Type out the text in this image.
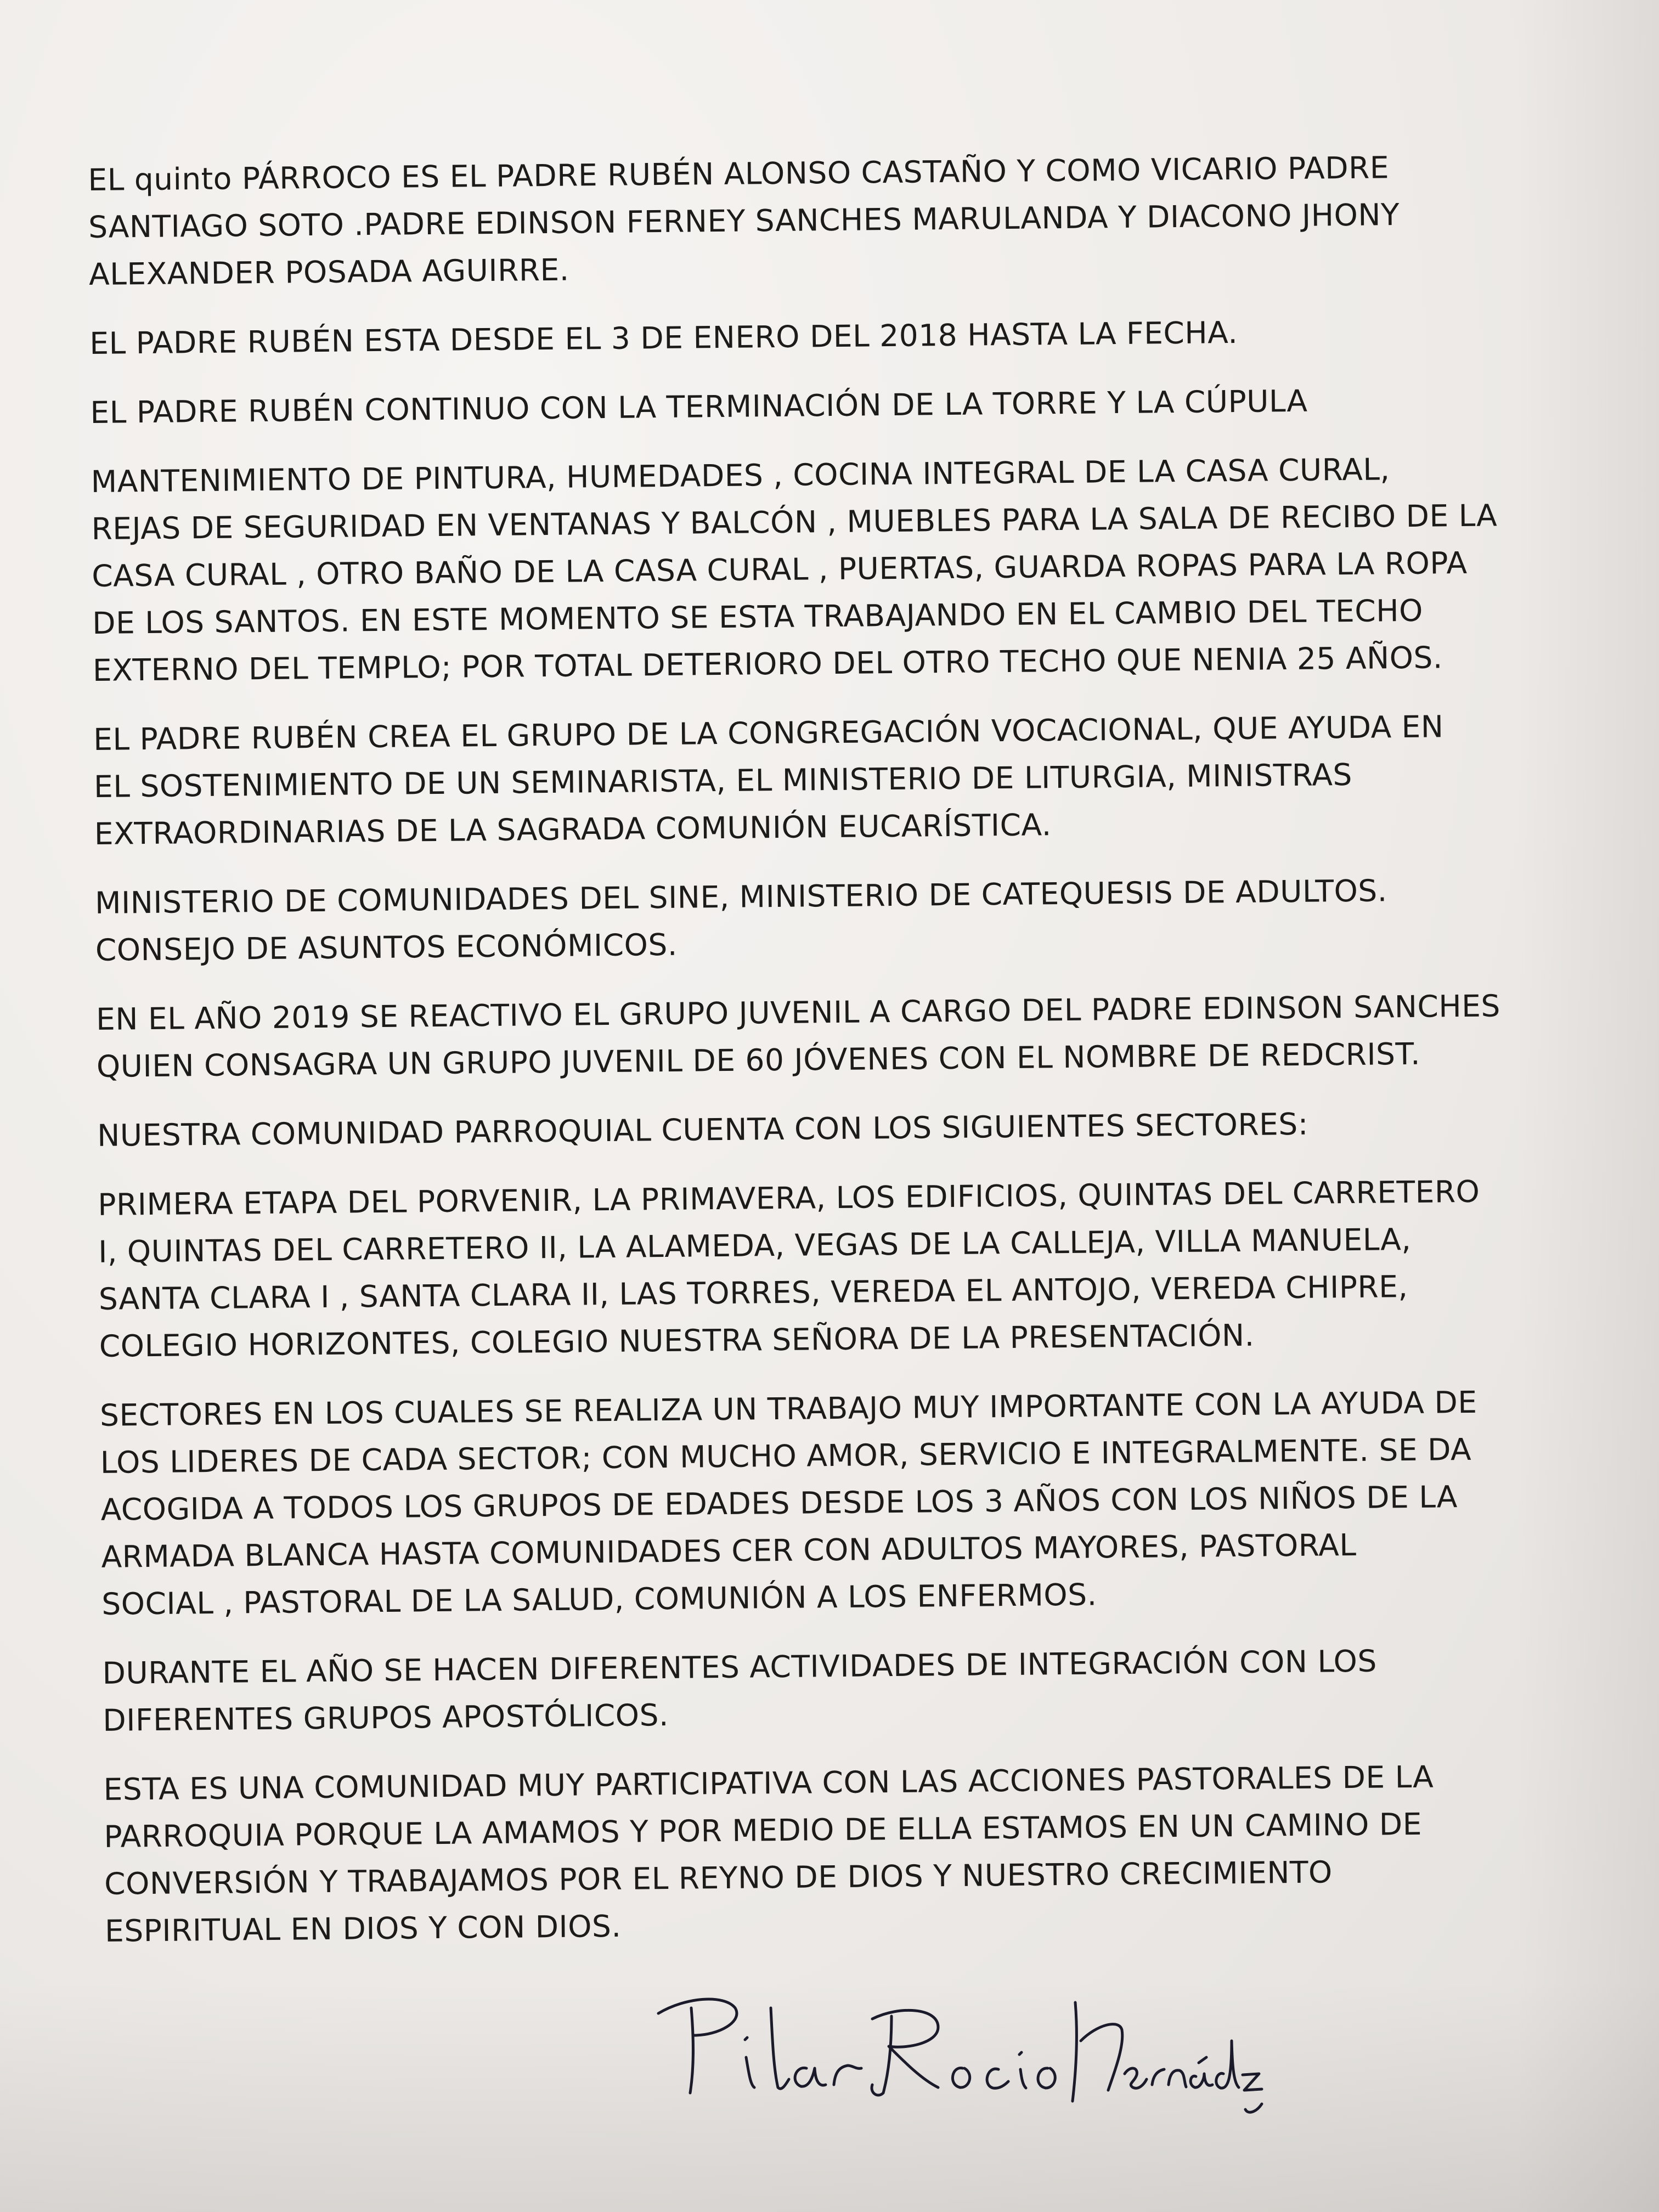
EL quinto PÁRROCO ES EL PADRE RUBÉN ALONSO CASTAÑO Y COMO VICARIO PADRE
SANTIAGO SOTO .PADRE EDINSON FERNEY SANCHES MARULANDA Y DIACONO JHONY
ALEXANDER POSADA AGUIRRE.

EL PADRE RUBÉN ESTA DESDE EL 3 DE ENERO DEL 2018 HASTA LA FECHA.

EL PADRE RUBÉN CONTINUO CON LA TERMINACIÓN DE LA TORRE Y LA CÚPULA

MANTENIMIENTO DE PINTURA, HUMEDADES , COCINA INTEGRAL DE LA CASA CURAL,
REJAS DE SEGURIDAD EN VENTANAS Y BALCÓN , MUEBLES PARA LA SALA DE RECIBO DE LA
CASA CURAL , OTRO BAÑO DE LA CASA CURAL , PUERTAS, GUARDA ROPAS PARA LA ROPA
DE LOS SANTOS. EN ESTE MOMENTO SE ESTA TRABAJANDO EN EL CAMBIO DEL TECHO
EXTERNO DEL TEMPLO; POR TOTAL DETERIORO DEL OTRO TECHO QUE NENIA 25 AÑOS.

EL PADRE RUBÉN CREA EL GRUPO DE LA CONGREGACIÓN VOCACIONAL, QUE AYUDA EN
EL SOSTENIMIENTO DE UN SEMINARISTA, EL MINISTERIO DE LITURGIA, MINISTRAS
EXTRAORDINARIAS DE LA SAGRADA COMUNIÓN EUCARÍSTICA.

MINISTERIO DE COMUNIDADES DEL SINE, MINISTERIO DE CATEQUESIS DE ADULTOS.
CONSEJO DE ASUNTOS ECONÓMICOS.

EN EL AÑO 2019 SE REACTIVO EL GRUPO JUVENIL A CARGO DEL PADRE EDINSON SANCHES
QUIEN CONSAGRA UN GRUPO JUVENIL DE 60 JÓVENES CON EL NOMBRE DE REDCRIST.

NUESTRA COMUNIDAD PARROQUIAL CUENTA CON LOS SIGUIENTES SECTORES:

PRIMERA ETAPA DEL PORVENIR, LA PRIMAVERA, LOS EDIFICIOS, QUINTAS DEL CARRETERO
I, QUINTAS DEL CARRETERO II, LA ALAMEDA, VEGAS DE LA CALLEJA, VILLA MANUELA,
SANTA CLARA I , SANTA CLARA II, LAS TORRES, VEREDA EL ANTOJO, VEREDA CHIPRE,
COLEGIO HORIZONTES, COLEGIO NUESTRA SEÑORA DE LA PRESENTACIÓN.

SECTORES EN LOS CUALES SE REALIZA UN TRABAJO MUY IMPORTANTE CON LA AYUDA DE
LOS LIDERES DE CADA SECTOR; CON MUCHO AMOR, SERVICIO E INTEGRALMENTE. SE DA
ACOGIDA A TODOS LOS GRUPOS DE EDADES DESDE LOS 3 AÑOS CON LOS NIÑOS DE LA
ARMADA BLANCA HASTA COMUNIDADES CER CON ADULTOS MAYORES, PASTORAL
SOCIAL , PASTORAL DE LA SALUD, COMUNIÓN A LOS ENFERMOS.

DURANTE EL AÑO SE HACEN DIFERENTES ACTIVIDADES DE INTEGRACIÓN CON LOS
DIFERENTES GRUPOS APOSTÓLICOS.

ESTA ES UNA COMUNIDAD MUY PARTICIPATIVA CON LAS ACCIONES PASTORALES DE LA
PARROQUIA PORQUE LA AMAMOS Y POR MEDIO DE ELLA ESTAMOS EN UN CAMINO DE
CONVERSIÓN Y TRABAJAMOS POR EL REYNO DE DIOS Y NUESTRO CRECIMIENTO
ESPIRITUAL EN DIOS Y CON DIOS.
